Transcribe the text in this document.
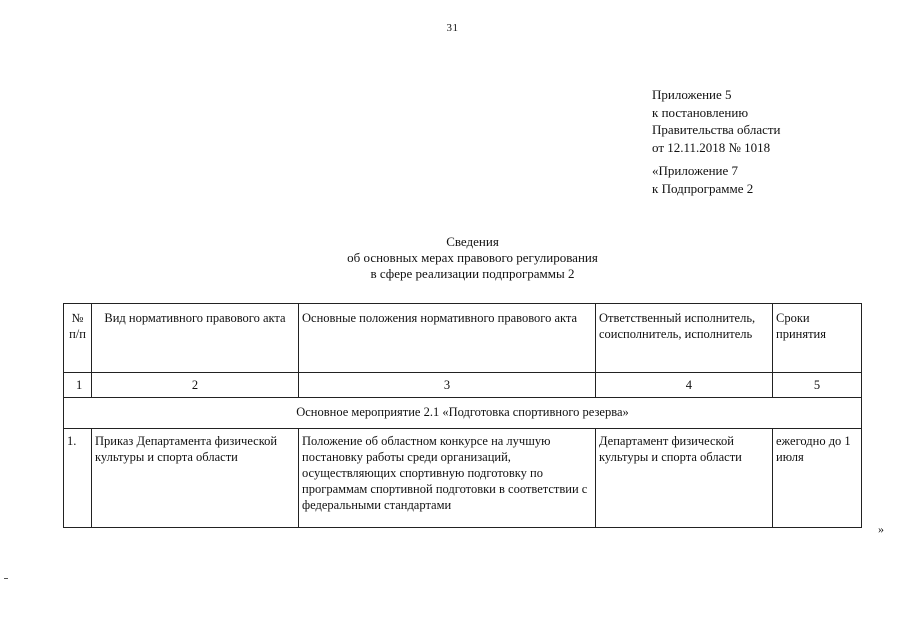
31
Приложение 5
к постановлению
Правительства области
от 12.11.2018 № 1018
«Приложение 7
к Подпрограмме 2
Сведения
об основных мерах правового регулирования
в сфере реализации подпрограммы 2
№ п/п	Вид нормативного правового акта	Основные положения нормативного правового акта	Ответственный исполнитель, соисполнитель, исполнитель	Сроки принятия
1	2	3	4	5
Основное мероприятие 2.1 «Подготовка спортивного резерва»				
1.	Приказ Департамента физической культуры и спорта области	Положение об областном конкурсе на лучшую постановку работы среди организаций, осуществляющих спортивную подготовку по программам спортивной подготовки в соответствии с федеральными стандартами	Департамент физической культуры и спорта области	ежегодно до 1 июля
»
